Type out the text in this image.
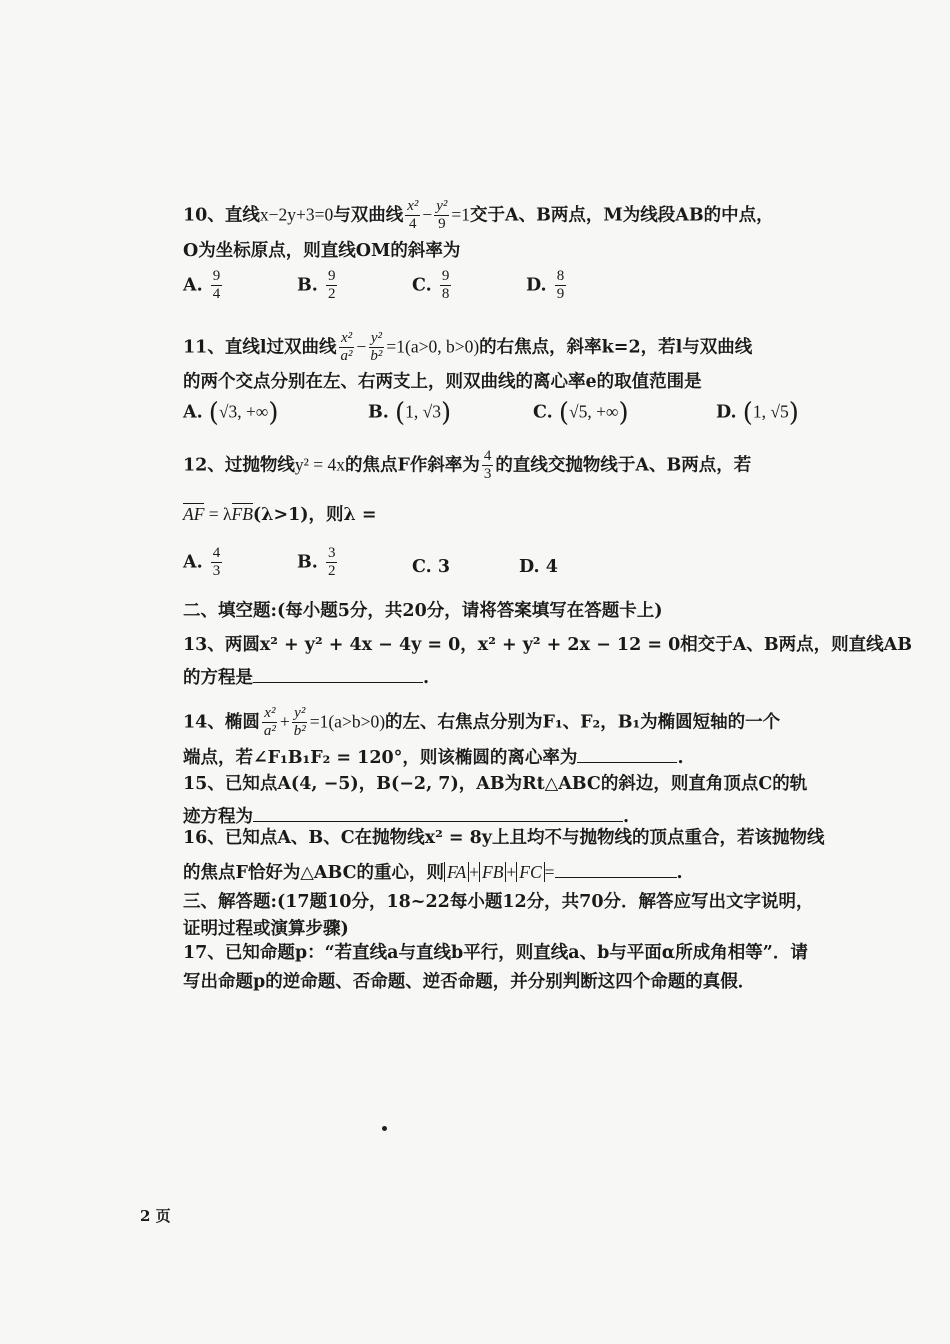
10、直线x−2y+3=0与双曲线 $\frac{\text{x²}}{4} - \frac{\text{y²}}{9} =1$交于A、B两点，M为线段AB的中点，
O为坐标原点，则直线OM的斜率为
A. $\frac{9}{4}$	B. $\frac{9}{2}$	C. $\frac{9}{8}$	D. $\frac{8}{9}$
11、直线l过双曲线 $\frac{\text{x²}}{\text{a²}} - \frac{\text{y²}}{\text{b²}} =1(a>0$, b>0)的右焦点，斜率k=2，若l与双曲线
的两个交点分别在左、右两支上，则双曲线的离心率e的取值范围是
A. (√3, +∞)	B. (1, √3)	C. (√5, +∞)	D. (1, √5)
12、过抛物线y² = 4x的焦点F作斜率为 $\frac{4}{3}$ 的直线交抛物线于A、B两点，若
AF = λFB(λ>1)，则λ =
A. $\frac{4}{3}$	B. $\frac{3}{2}$	C. 3	D. 4
二、填空题:(每小题5分，共20分，请将答案填写在答题卡上)
13、两圆x² + y² + 4x − 4y = 0，x² + y² + 2x − 12 = 0相交于A、B两点，则直线AB
的方程是	.
14、椭圆 $\frac{\text{x²}}{\text{a²}} + \frac{\text{y²}}{\text{b²}} =1(a>b>0)$的左、右焦点分别为F₁、F₂，B₁为椭圆短轴的一个
端点，若∠F₁B₁F₂ = 120°，则该椭圆的离心率为	.
15、已知点A(4, −5)，B(−2, 7)，AB为Rt△ABC的斜边，则直角顶点C的轨
迹方程为	.
16、已知点A、B、C在抛物线x² = 8y上且均不与抛物线的顶点重合，若该抛物线
的焦点F恰好为△ABC的重心，则 FA + FB + FC =	.
三、解答题:(17题10分，18~22每小题12分，共70分．解答应写出文字说明，
证明过程或演算步骤)
17、已知命题p：“若直线a与直线b平行，则直线a、b与平面α所成角相等”．请
写出命题p的逆命题、否命题、逆否命题，并分别判断这四个命题的真假．
2 页
